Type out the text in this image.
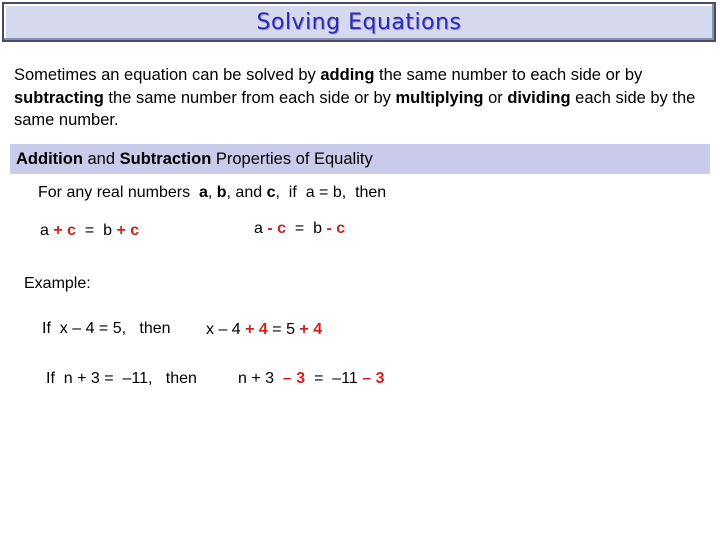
Solving Equations
Sometimes an equation can be solved by adding the same number to each side or by subtracting the same number from each side or by multiplying or dividing each side by the same number.
Addition and Subtraction Properties of Equality
For any real numbers  a, b, and c,  if  a = b,  then
a + c  =  b + c	a - c  =  b - c
Example:
If  x – 4 = 5,   then x – 4 + 4 = 5 + 4
If  n + 3 =  –11,   then	n + 3  – 3  =  –11 – 3
